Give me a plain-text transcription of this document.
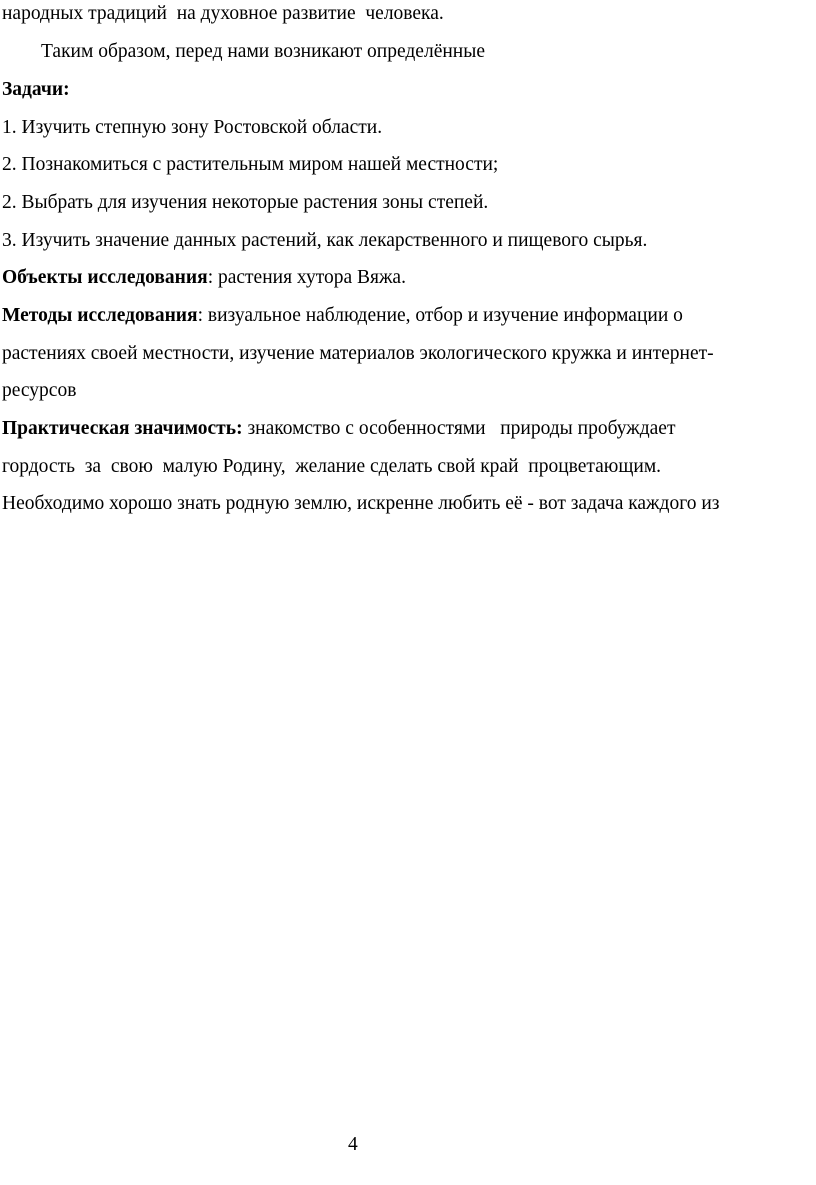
народных традиций  на духовное развитие  человека.
Таким образом, перед нами возникают определённые
Задачи:
1. Изучить степную зону Ростовской области.
2. Познакомиться с растительным миром нашей местности;
2. Выбрать для изучения некоторые растения зоны степей.
3. Изучить значение данных растений, как лекарственного и пищевого сырья.
Объекты исследования: растения хутора Вяжа.
Методы исследования: визуальное наблюдение, отбор и изучение информации о
растениях своей местности, изучение материалов экологического кружка и интернет-
ресурсов
Практическая значимость: знакомство с особенностями   природы пробуждает
гордость  за  свою  малую Родину,  желание сделать свой край  процветающим.
Необходимо хорошо знать родную землю, искренне любить её - вот задача каждого из
4
